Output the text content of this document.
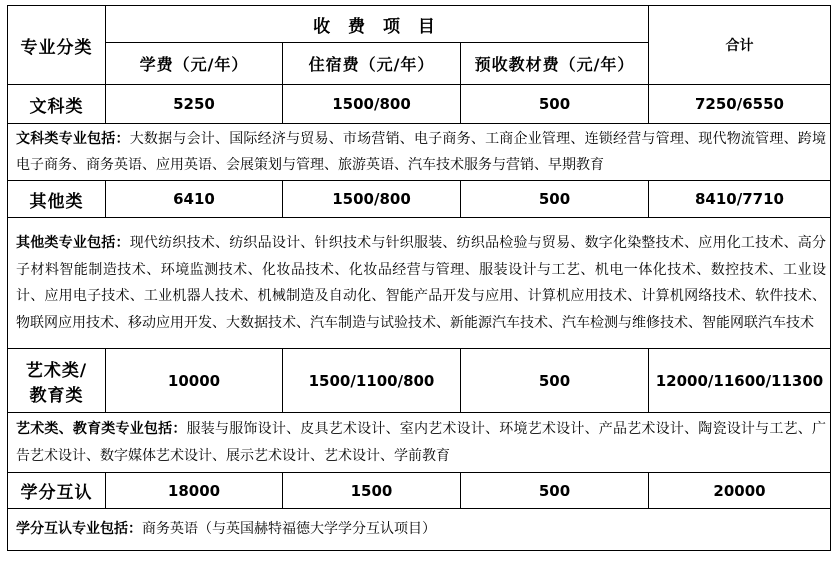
专业分类	收 费 项 目			合计
	学费（元/年）	住宿费（元/年）	预收教材费（元/年）	
文科类	5250	1500/800	500	7250/6550
文科类专业包括：大数据与会计、国际经济与贸易、市场营销、电子商务、工商企业管理、连锁经营与管理、现代物流管理、跨境电子商务、商务英语、应用英语、会展策划与管理、旅游英语、汽车技术服务与营销、早期教育				
其他类	6410	1500/800	500	8410/7710
其他类专业包括：现代纺织技术、纺织品设计、针织技术与针织服装、纺织品检验与贸易、数字化染整技术、应用化工技术、高分子材料智能制造技术、环境监测技术、化妆品技术、化妆品经营与管理、服装设计与工艺、机电一体化技术、数控技术、工业设计、应用电子技术、工业机器人技术、机械制造及自动化、智能产品开发与应用、计算机应用技术、计算机网络技术、软件技术、物联网应用技术、移动应用开发、大数据技术、汽车制造与试验技术、新能源汽车技术、汽车检测与维修技术、智能网联汽车技术				
艺术类/
教育类	10000	1500/1100/800	500	12000/11600/11300
艺术类、教育类专业包括：服装与服饰设计、皮具艺术设计、室内艺术设计、环境艺术设计、产品艺术设计、陶瓷设计与工艺、广告艺术设计、数字媒体艺术设计、展示艺术设计、艺术设计、学前教育				
学分互认	18000	1500	500	20000
学分互认专业包括：商务英语（与英国赫特福德大学学分互认项目）				
